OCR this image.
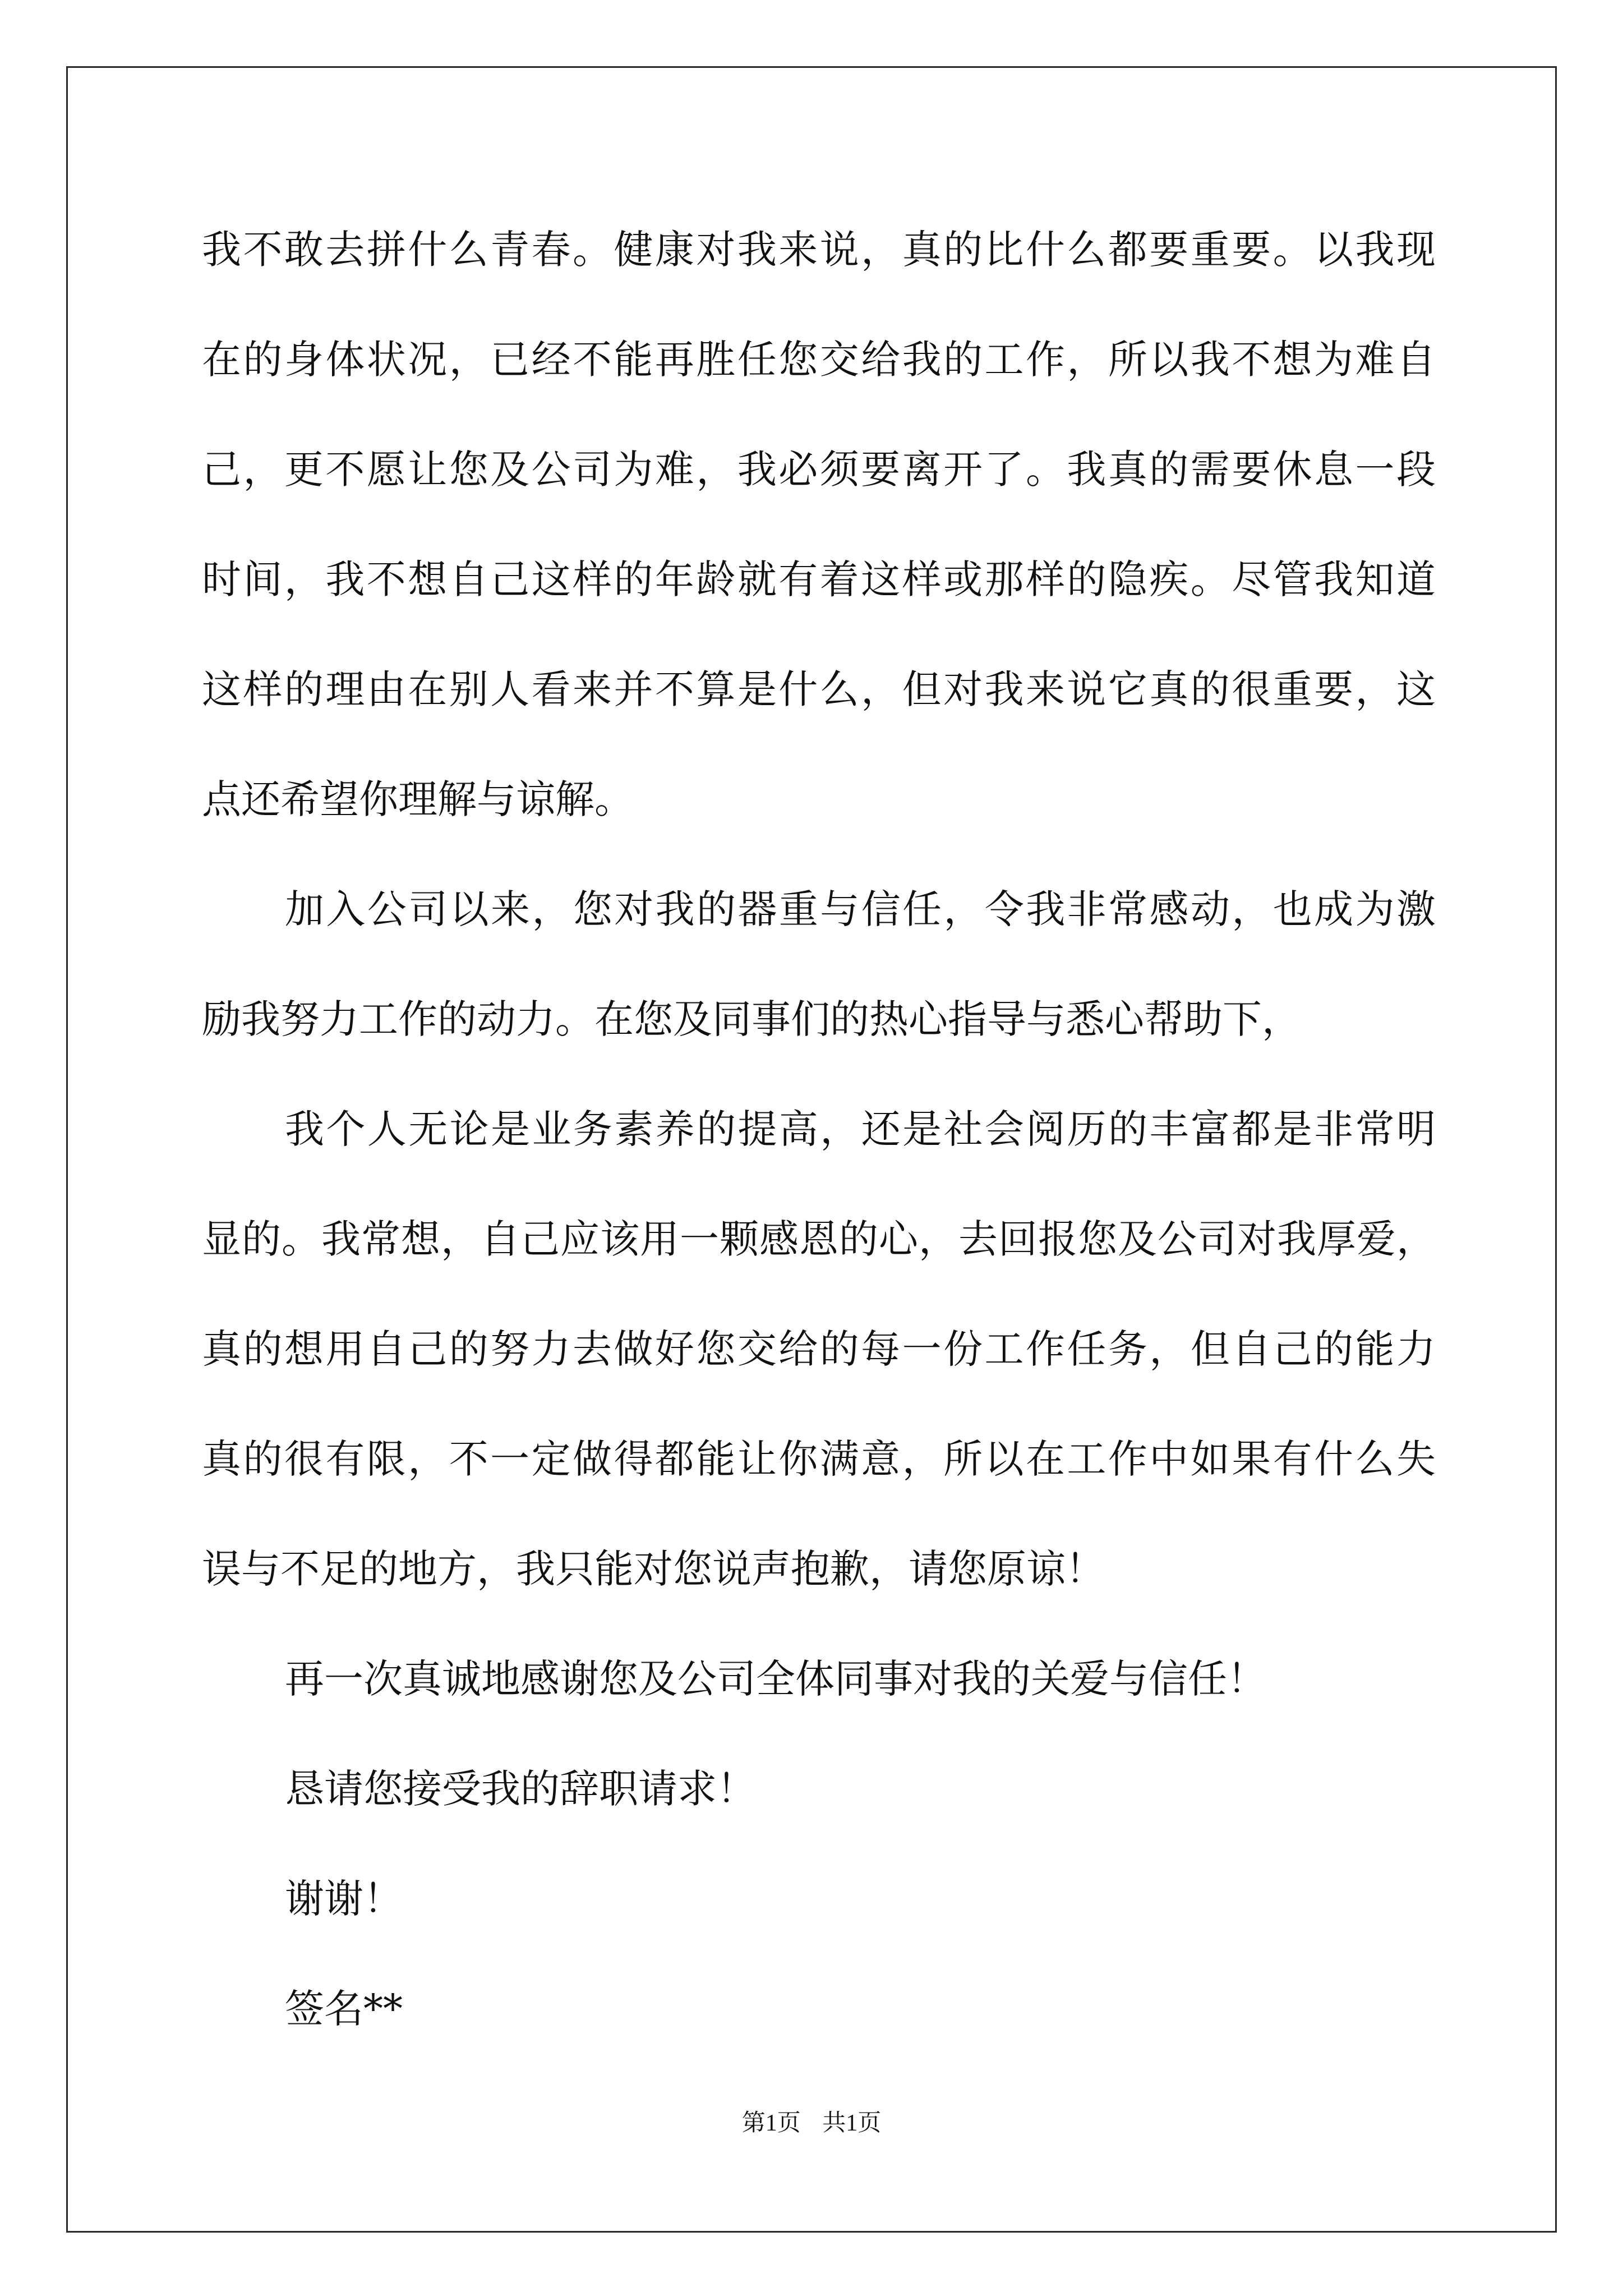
我不敢去拼什么青春。健康对我来说，真的比什么都要重要。以我现
在的身体状况，已经不能再胜任您交给我的工作，所以我不想为难自
己，更不愿让您及公司为难，我必须要离开了。我真的需要休息一段
时间，我不想自己这样的年龄就有着这样或那样的隐疾。尽管我知道
这样的理由在别人看来并不算是什么，但对我来说它真的很重要，这
点还希望你理解与谅解。
加入公司以来，您对我的器重与信任，令我非常感动，也成为激
励我努力工作的动力。在您及同事们的热心指导与悉心帮助下，
我个人无论是业务素养的提高，还是社会阅历的丰富都是非常明
显的。我常想，自己应该用一颗感恩的心，去回报您及公司对我厚爱，
真的想用自己的努力去做好您交给的每一份工作任务，但自己的能力
真的很有限，不一定做得都能让你满意，所以在工作中如果有什么失
误与不足的地方，我只能对您说声抱歉，请您原谅！
再一次真诚地感谢您及公司全体同事对我的关爱与信任！
恳请您接受我的辞职请求！
谢谢！
签名**
第1页 共1页
